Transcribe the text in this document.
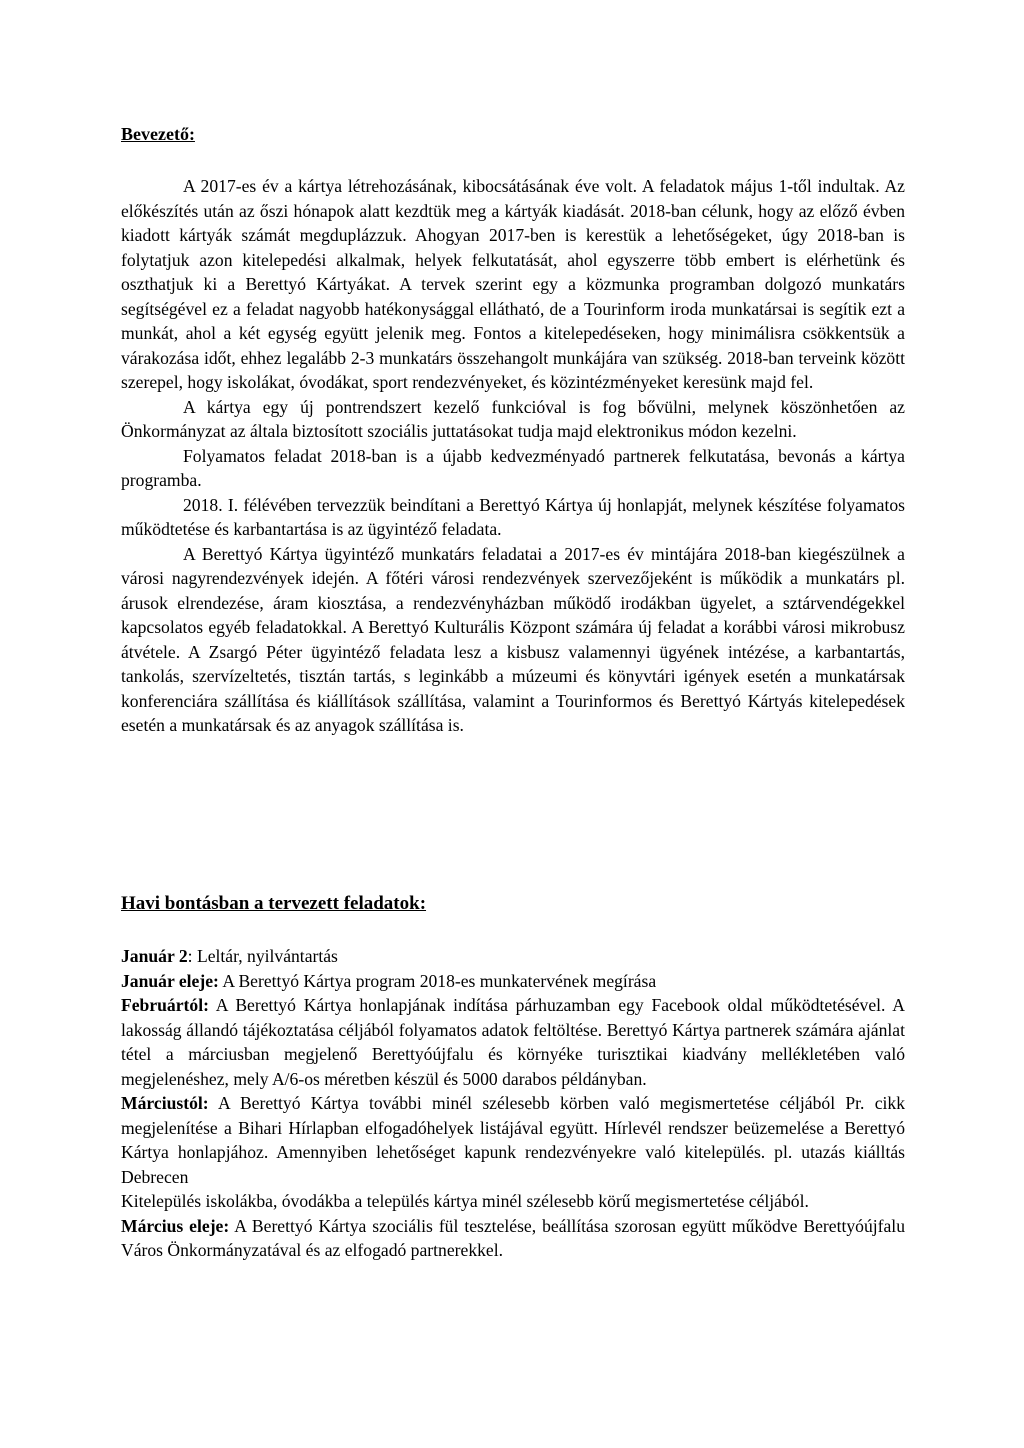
Bevezető:

A 2017-es év a kártya létrehozásának, kibocsátásának éve volt. A feladatok május 1-től indultak. Az előkészítés után az őszi hónapok alatt kezdtük meg a kártyák kiadását. 2018-ban célunk, hogy az előző évben kiadott kártyák számát megduplázzuk. Ahogyan 2017-ben is kerestük a lehetőségeket, úgy 2018-ban is folytatjuk azon kitelepedési alkalmak, helyek felkutatását, ahol egyszerre több embert is elérhetünk és oszthatjuk ki a Berettyó Kártyákat. A tervek szerint egy a közmunka programban dolgozó munkatárs segítségével ez a feladat nagyobb hatékonysággal ellátható, de a Tourinform iroda munkatársai is segítik ezt a munkát, ahol a két egység együtt jelenik meg. Fontos a kitelepedéseken, hogy minimálisra csökkentsük a várakozása időt, ehhez legalább 2-3 munkatárs összehangolt munkájára van szükség. 2018-ban terveink között szerepel, hogy iskolákat, óvodákat, sport rendezvényeket, és közintézményeket keresünk majd fel.

A kártya egy új pontrendszert kezelő funkcióval is fog bővülni, melynek köszönhetően az Önkormányzat az általa biztosított szociális juttatásokat tudja majd elektronikus módon kezelni.

Folyamatos feladat 2018-ban is a újabb kedvezményadó partnerek felkutatása, bevonás a kártya programba.

2018. I. félévében tervezzük beindítani a Berettyó Kártya új honlapját, melynek készítése folyamatos működtetése és karbantartása is az ügyintéző feladata.

A Berettyó Kártya ügyintéző munkatárs feladatai a 2017-es év mintájára 2018-ban kiegészülnek a városi nagyrendezvények idején. A főtéri városi rendezvények szervezőjeként is működik a munkatárs pl. árusok elrendezése, áram kiosztása, a rendezvényházban működő irodákban ügyelet, a sztárvendégekkel kapcsolatos egyéb feladatokkal. A Berettyó Kulturális Központ számára új feladat a korábbi városi mikrobusz átvétele. A Zsargó Péter ügyintéző feladata lesz a kisbusz valamennyi ügyének intézése, a karbantartás, tankolás, szervízeltetés, tisztán tartás, s leginkább a múzeumi és könyvtári igények esetén a munkatársak konferenciára szállítása és kiállítások szállítása, valamint a Tourinformos és Berettyó Kártyás kitelepedések esetén a munkatársak és az anyagok szállítása is.

Havi bontásban a tervezett feladatok:

Január 2: Leltár, nyilvántartás

Január eleje: A Berettyó Kártya program 2018-es munkatervének megírása

Februártól: A Berettyó Kártya honlapjának indítása párhuzamban egy Facebook oldal működtetésével. A lakosság állandó tájékoztatása céljából folyamatos adatok feltöltése. Berettyó Kártya partnerek számára ajánlat tétel a márciusban megjelenő Berettyóújfalu és környéke turisztikai kiadvány mellékletében való megjelenéshez, mely A/6-os méretben készül és 5000 darabos példányban.

Márciustól: A Berettyó Kártya további minél szélesebb körben való megismertetése céljából Pr. cikk megjelenítése a Bihari Hírlapban elfogadóhelyek listájával együtt. Hírlevél rendszer beüzemelése a Berettyó Kártya honlapjához. Amennyiben lehetőséget kapunk rendezvényekre való kitelepülés. pl. utazás kiálltás Debrecen

Kitelepülés iskolákba, óvodákba a település kártya minél szélesebb körű megismertetése céljából.

Március eleje: A Berettyó Kártya szociális fül tesztelése, beállítása szorosan együtt működve Berettyóújfalu Város Önkormányzatával és az elfogadó partnerekkel.
